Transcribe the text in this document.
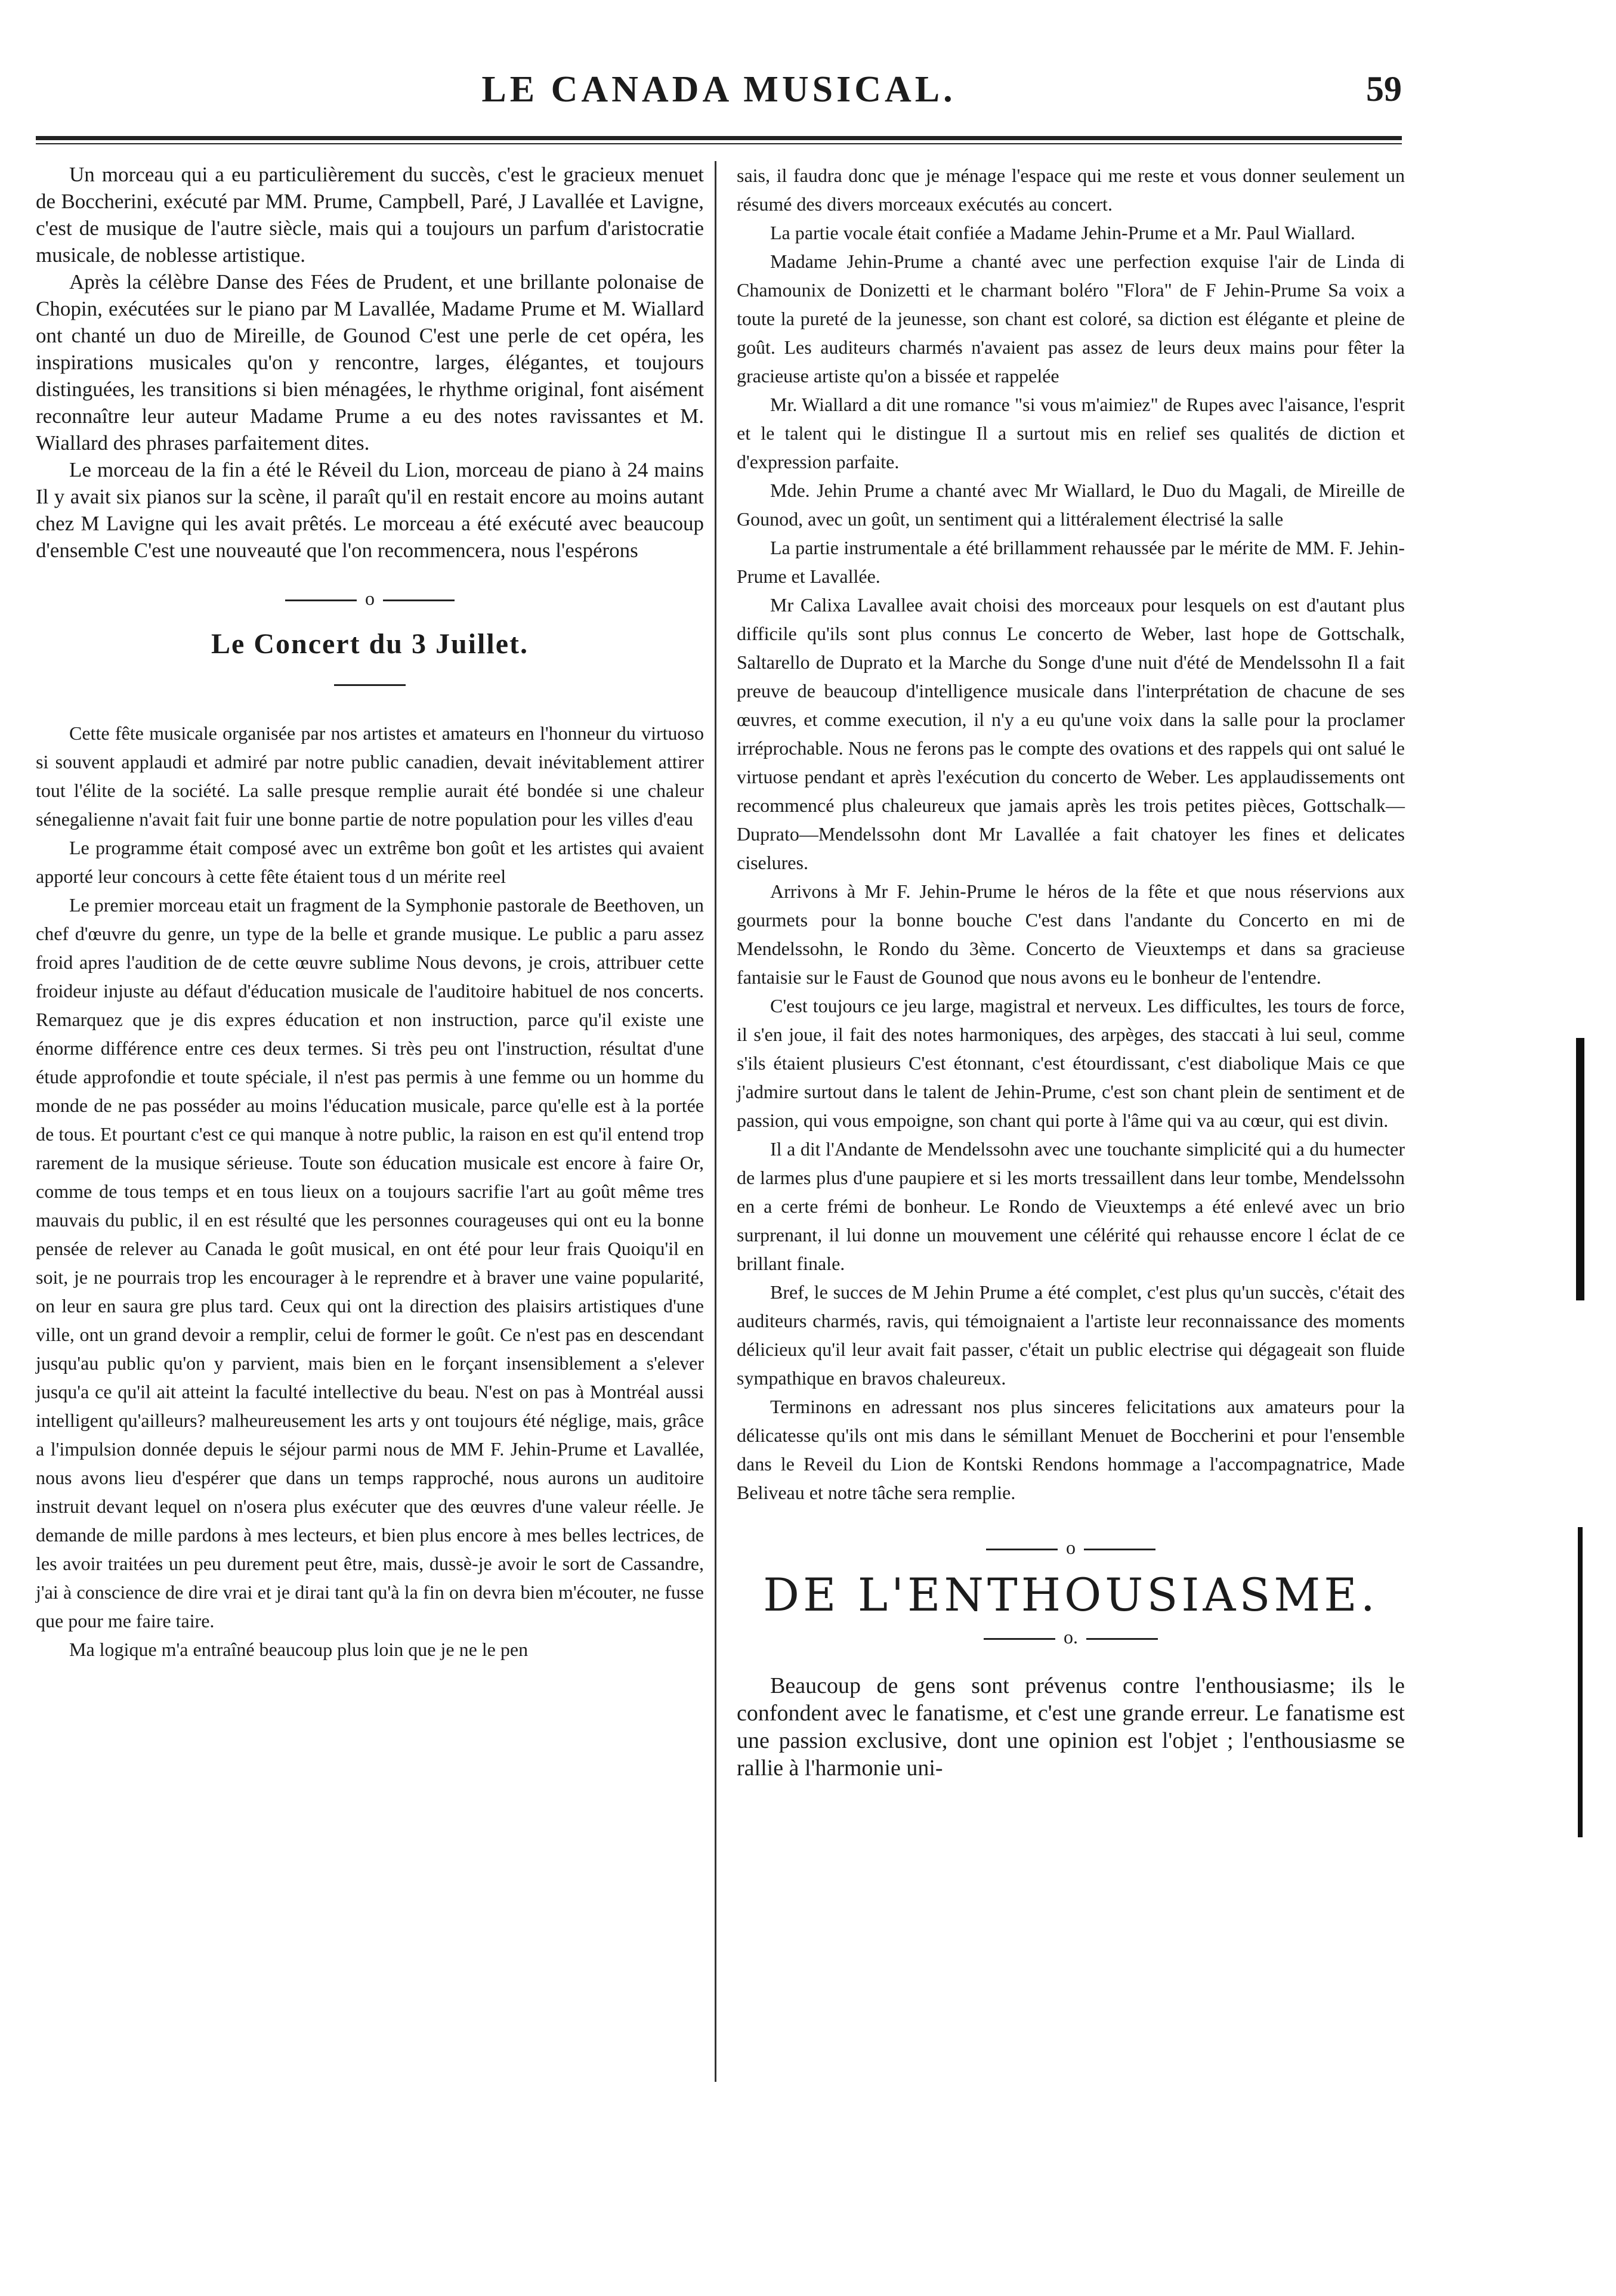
LE CANADA MUSICAL.	59

Un morceau qui a eu particulièrement du succès, c'est le gracieux menuet de Boccherini, exécuté par MM. Prume, Campbell, Paré, J Lavallée et Lavigne, c'est de musique de l'autre siècle, mais qui a toujours un parfum d'aristocratie musicale, de noblesse artistique.

Après la célèbre Danse des Fées de Prudent, et une brillante polonaise de Chopin, exécutées sur le piano par M Lavallée, Madame Prume et M. Wiallard ont chanté un duo de Mireille, de Gounod C'est une perle de cet opéra, les inspirations musicales qu'on y rencontre, larges, élégantes, et toujours distinguées, les transitions si bien ménagées, le rhythme original, font aisément reconnaître leur auteur Madame Prume a eu des notes ravissantes et M. Wiallard des phrases parfaitement dites.

Le morceau de la fin a été le Réveil du Lion, morceau de piano à 24 mains Il y avait six pianos sur la scène, il paraît qu'il en restait encore au moins autant chez M Lavigne qui les avait prêtés. Le morceau a été exécuté avec beaucoup d'ensemble C'est une nouveauté que l'on recommencera, nous l'espérons

o
Le Concert du 3 Juillet.

Cette fête musicale organisée par nos artistes et amateurs en l'honneur du virtuoso si souvent applaudi et admiré par notre public canadien, devait inévitablement attirer tout l'élite de la société. La salle presque remplie aurait été bondée si une chaleur sénegalienne n'avait fait fuir une bonne partie de notre population pour les villes d'eau

Le programme était composé avec un extrême bon goût et les artistes qui avaient apporté leur concours à cette fête étaient tous d un mérite reel

Le premier morceau etait un fragment de la Symphonie pastorale de Beethoven, un chef d'œuvre du genre, un type de la belle et grande musique. Le public a paru assez froid apres l'audition de de cette œuvre sublime Nous devons, je crois, attribuer cette froideur injuste au défaut d'éducation musicale de l'auditoire habituel de nos concerts. Remarquez que je dis expres éducation et non instruction, parce qu'il existe une énorme différence entre ces deux termes. Si très peu ont l'instruction, résultat d'une étude approfondie et toute spéciale, il n'est pas permis à une femme ou un homme du monde de ne pas posséder au moins l'éducation musicale, parce qu'elle est à la portée de tous. Et pourtant c'est ce qui manque à notre public, la raison en est qu'il entend trop rarement de la musique sérieuse. Toute son éducation musicale est encore à faire Or, comme de tous temps et en tous lieux on a toujours sacrifie l'art au goût même tres mauvais du public, il en est résulté que les personnes courageuses qui ont eu la bonne pensée de relever au Canada le goût musical, en ont été pour leur frais Quoiqu'il en soit, je ne pourrais trop les encourager à le reprendre et à braver une vaine popularité, on leur en saura gre plus tard. Ceux qui ont la direction des plaisirs artistiques d'une ville, ont un grand devoir a remplir, celui de former le goût. Ce n'est pas en descendant jusqu'au public qu'on y parvient, mais bien en le forçant insensiblement a s'elever jusqu'a ce qu'il ait atteint la faculté intellective du beau. N'est on pas à Montréal aussi intelligent qu'ailleurs? malheureusement les arts y ont toujours été néglige, mais, grâce a l'impulsion donnée depuis le séjour parmi nous de MM F. Jehin-Prume et Lavallée, nous avons lieu d'espérer que dans un temps rapproché, nous aurons un auditoire instruit devant lequel on n'osera plus exécuter que des œuvres d'une valeur réelle. Je demande de mille pardons à mes lecteurs, et bien plus encore à mes belles lectrices, de les avoir traitées un peu durement peut être, mais, dussè-je avoir le sort de Cassandre, j'ai à conscience de dire vrai et je dirai tant qu'à la fin on devra bien m'écouter, ne fusse que pour me faire taire.

Ma logique m'a entraîné beaucoup plus loin que je ne le pen

sais, il faudra donc que je ménage l'espace qui me reste et vous donner seulement un résumé des divers morceaux exécutés au concert.

La partie vocale était confiée a Madame Jehin-Prume et a Mr. Paul Wiallard.

Madame Jehin-Prume a chanté avec une perfection exquise l'air de Linda di Chamounix de Donizetti et le charmant boléro "Flora" de F Jehin-Prume Sa voix a toute la pureté de la jeunesse, son chant est coloré, sa diction est élégante et pleine de goût. Les auditeurs charmés n'avaient pas assez de leurs deux mains pour fêter la gracieuse artiste qu'on a bissée et rappelée

Mr. Wiallard a dit une romance "si vous m'aimiez" de Rupes avec l'aisance, l'esprit et le talent qui le distingue Il a surtout mis en relief ses qualités de diction et d'expression parfaite.

Mde. Jehin Prume a chanté avec Mr Wiallard, le Duo du Magali, de Mireille de Gounod, avec un goût, un sentiment qui a littéralement électrisé la salle

La partie instrumentale a été brillamment rehaussée par le mérite de MM. F. Jehin-Prume et Lavallée.

Mr Calixa Lavallee avait choisi des morceaux pour lesquels on est d'autant plus difficile qu'ils sont plus connus Le concerto de Weber, last hope de Gottschalk, Saltarello de Duprato et la Marche du Songe d'une nuit d'été de Mendelssohn Il a fait preuve de beaucoup d'intelligence musicale dans l'interprétation de chacune de ses œuvres, et comme execution, il n'y a eu qu'une voix dans la salle pour la proclamer irréprochable. Nous ne ferons pas le compte des ovations et des rappels qui ont salué le virtuose pendant et après l'exécution du concerto de Weber. Les applaudissements ont recommencé plus chaleureux que jamais après les trois petites pièces, Gottschalk—Duprato—Mendelssohn dont Mr Lavallée a fait chatoyer les fines et delicates ciselures.

Arrivons à Mr F. Jehin-Prume le héros de la fête et que nous réservions aux gourmets pour la bonne bouche C'est dans l'andante du Concerto en mi de Mendelssohn, le Rondo du 3ème. Concerto de Vieuxtemps et dans sa gracieuse fantaisie sur le Faust de Gounod que nous avons eu le bonheur de l'entendre.

C'est toujours ce jeu large, magistral et nerveux. Les difficultes, les tours de force, il s'en joue, il fait des notes harmoniques, des arpèges, des staccati à lui seul, comme s'ils étaient plusieurs C'est étonnant, c'est étourdissant, c'est diabolique Mais ce que j'admire surtout dans le talent de Jehin-Prume, c'est son chant plein de sentiment et de passion, qui vous empoigne, son chant qui porte à l'âme qui va au cœur, qui est divin.

Il a dit l'Andante de Mendelssohn avec une touchante simplicité qui a du humecter de larmes plus d'une paupiere et si les morts tressaillent dans leur tombe, Mendelssohn en a certe frémi de bonheur. Le Rondo de Vieuxtemps a été enlevé avec un brio surprenant, il lui donne un mouvement une célérité qui rehausse encore l éclat de ce brillant finale.

Bref, le succes de M Jehin Prume a été complet, c'est plus qu'un succès, c'était des auditeurs charmés, ravis, qui témoignaient a l'artiste leur reconnaissance des moments délicieux qu'il leur avait fait passer, c'était un public electrise qui dégageait son fluide sympathique en bravos chaleureux.

Terminons en adressant nos plus sinceres felicitations aux amateurs pour la délicatesse qu'ils ont mis dans le sémillant Menuet de Boccherini et pour l'ensemble dans le Reveil du Lion de Kontski Rendons hommage a l'accompagnatrice, Made Beliveau et notre tâche sera remplie.

o
DE L'ENTHOUSIASME.
o.

Beaucoup de gens sont prévenus contre l'enthousiasme; ils le confondent avec le fanatisme, et c'est une grande erreur. Le fanatisme est une passion exclusive, dont une opinion est l'objet ; l'enthousiasme se rallie à l'harmonie uni-
